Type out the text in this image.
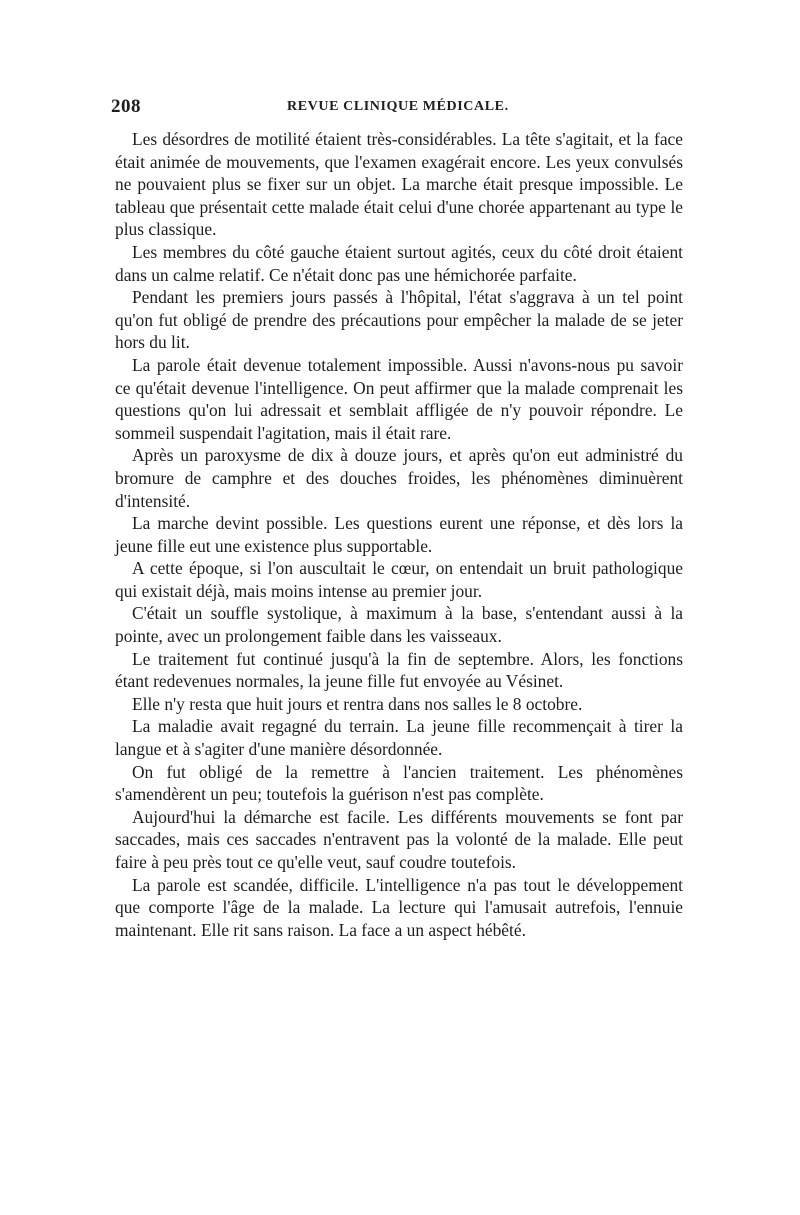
208	REVUE CLINIQUE MÉDICALE.

Les désordres de motilité étaient très-considérables. La tête s'agitait, et la face était animée de mouvements, que l'examen exagérait encore. Les yeux convulsés ne pouvaient plus se fixer sur un objet. La marche était presque impossible. Le tableau que présentait cette malade était celui d'une chorée appartenant au type le plus classique.

Les membres du côté gauche étaient surtout agités, ceux du côté droit étaient dans un calme relatif. Ce n'était donc pas une hémichorée parfaite.

Pendant les premiers jours passés à l'hôpital, l'état s'aggrava à un tel point qu'on fut obligé de prendre des précautions pour empêcher la malade de se jeter hors du lit.

La parole était devenue totalement impossible. Aussi n'avons-nous pu savoir ce qu'était devenue l'intelligence. On peut affirmer que la malade comprenait les questions qu'on lui adressait et semblait affligée de n'y pouvoir répondre. Le sommeil suspendait l'agitation, mais il était rare.

Après un paroxysme de dix à douze jours, et après qu'on eut administré du bromure de camphre et des douches froides, les phénomènes diminuèrent d'intensité.

La marche devint possible. Les questions eurent une réponse, et dès lors la jeune fille eut une existence plus supportable.

A cette époque, si l'on auscultait le cœur, on entendait un bruit pathologique qui existait déjà, mais moins intense au premier jour.

C'était un souffle systolique, à maximum à la base, s'entendant aussi à la pointe, avec un prolongement faible dans les vaisseaux.

Le traitement fut continué jusqu'à la fin de septembre. Alors, les fonctions étant redevenues normales, la jeune fille fut envoyée au Vésinet.

Elle n'y resta que huit jours et rentra dans nos salles le 8 octobre.

La maladie avait regagné du terrain. La jeune fille recommençait à tirer la langue et à s'agiter d'une manière désordonnée.

On fut obligé de la remettre à l'ancien traitement. Les phénomènes s'amendèrent un peu; toutefois la guérison n'est pas complète.

Aujourd'hui la démarche est facile. Les différents mouvements se font par saccades, mais ces saccades n'entravent pas la volonté de la malade. Elle peut faire à peu près tout ce qu'elle veut, sauf coudre toutefois.

La parole est scandée, difficile. L'intelligence n'a pas tout le développement que comporte l'âge de la malade. La lecture qui l'amusait autrefois, l'ennuie maintenant. Elle rit sans raison. La face a un aspect hébêté.
